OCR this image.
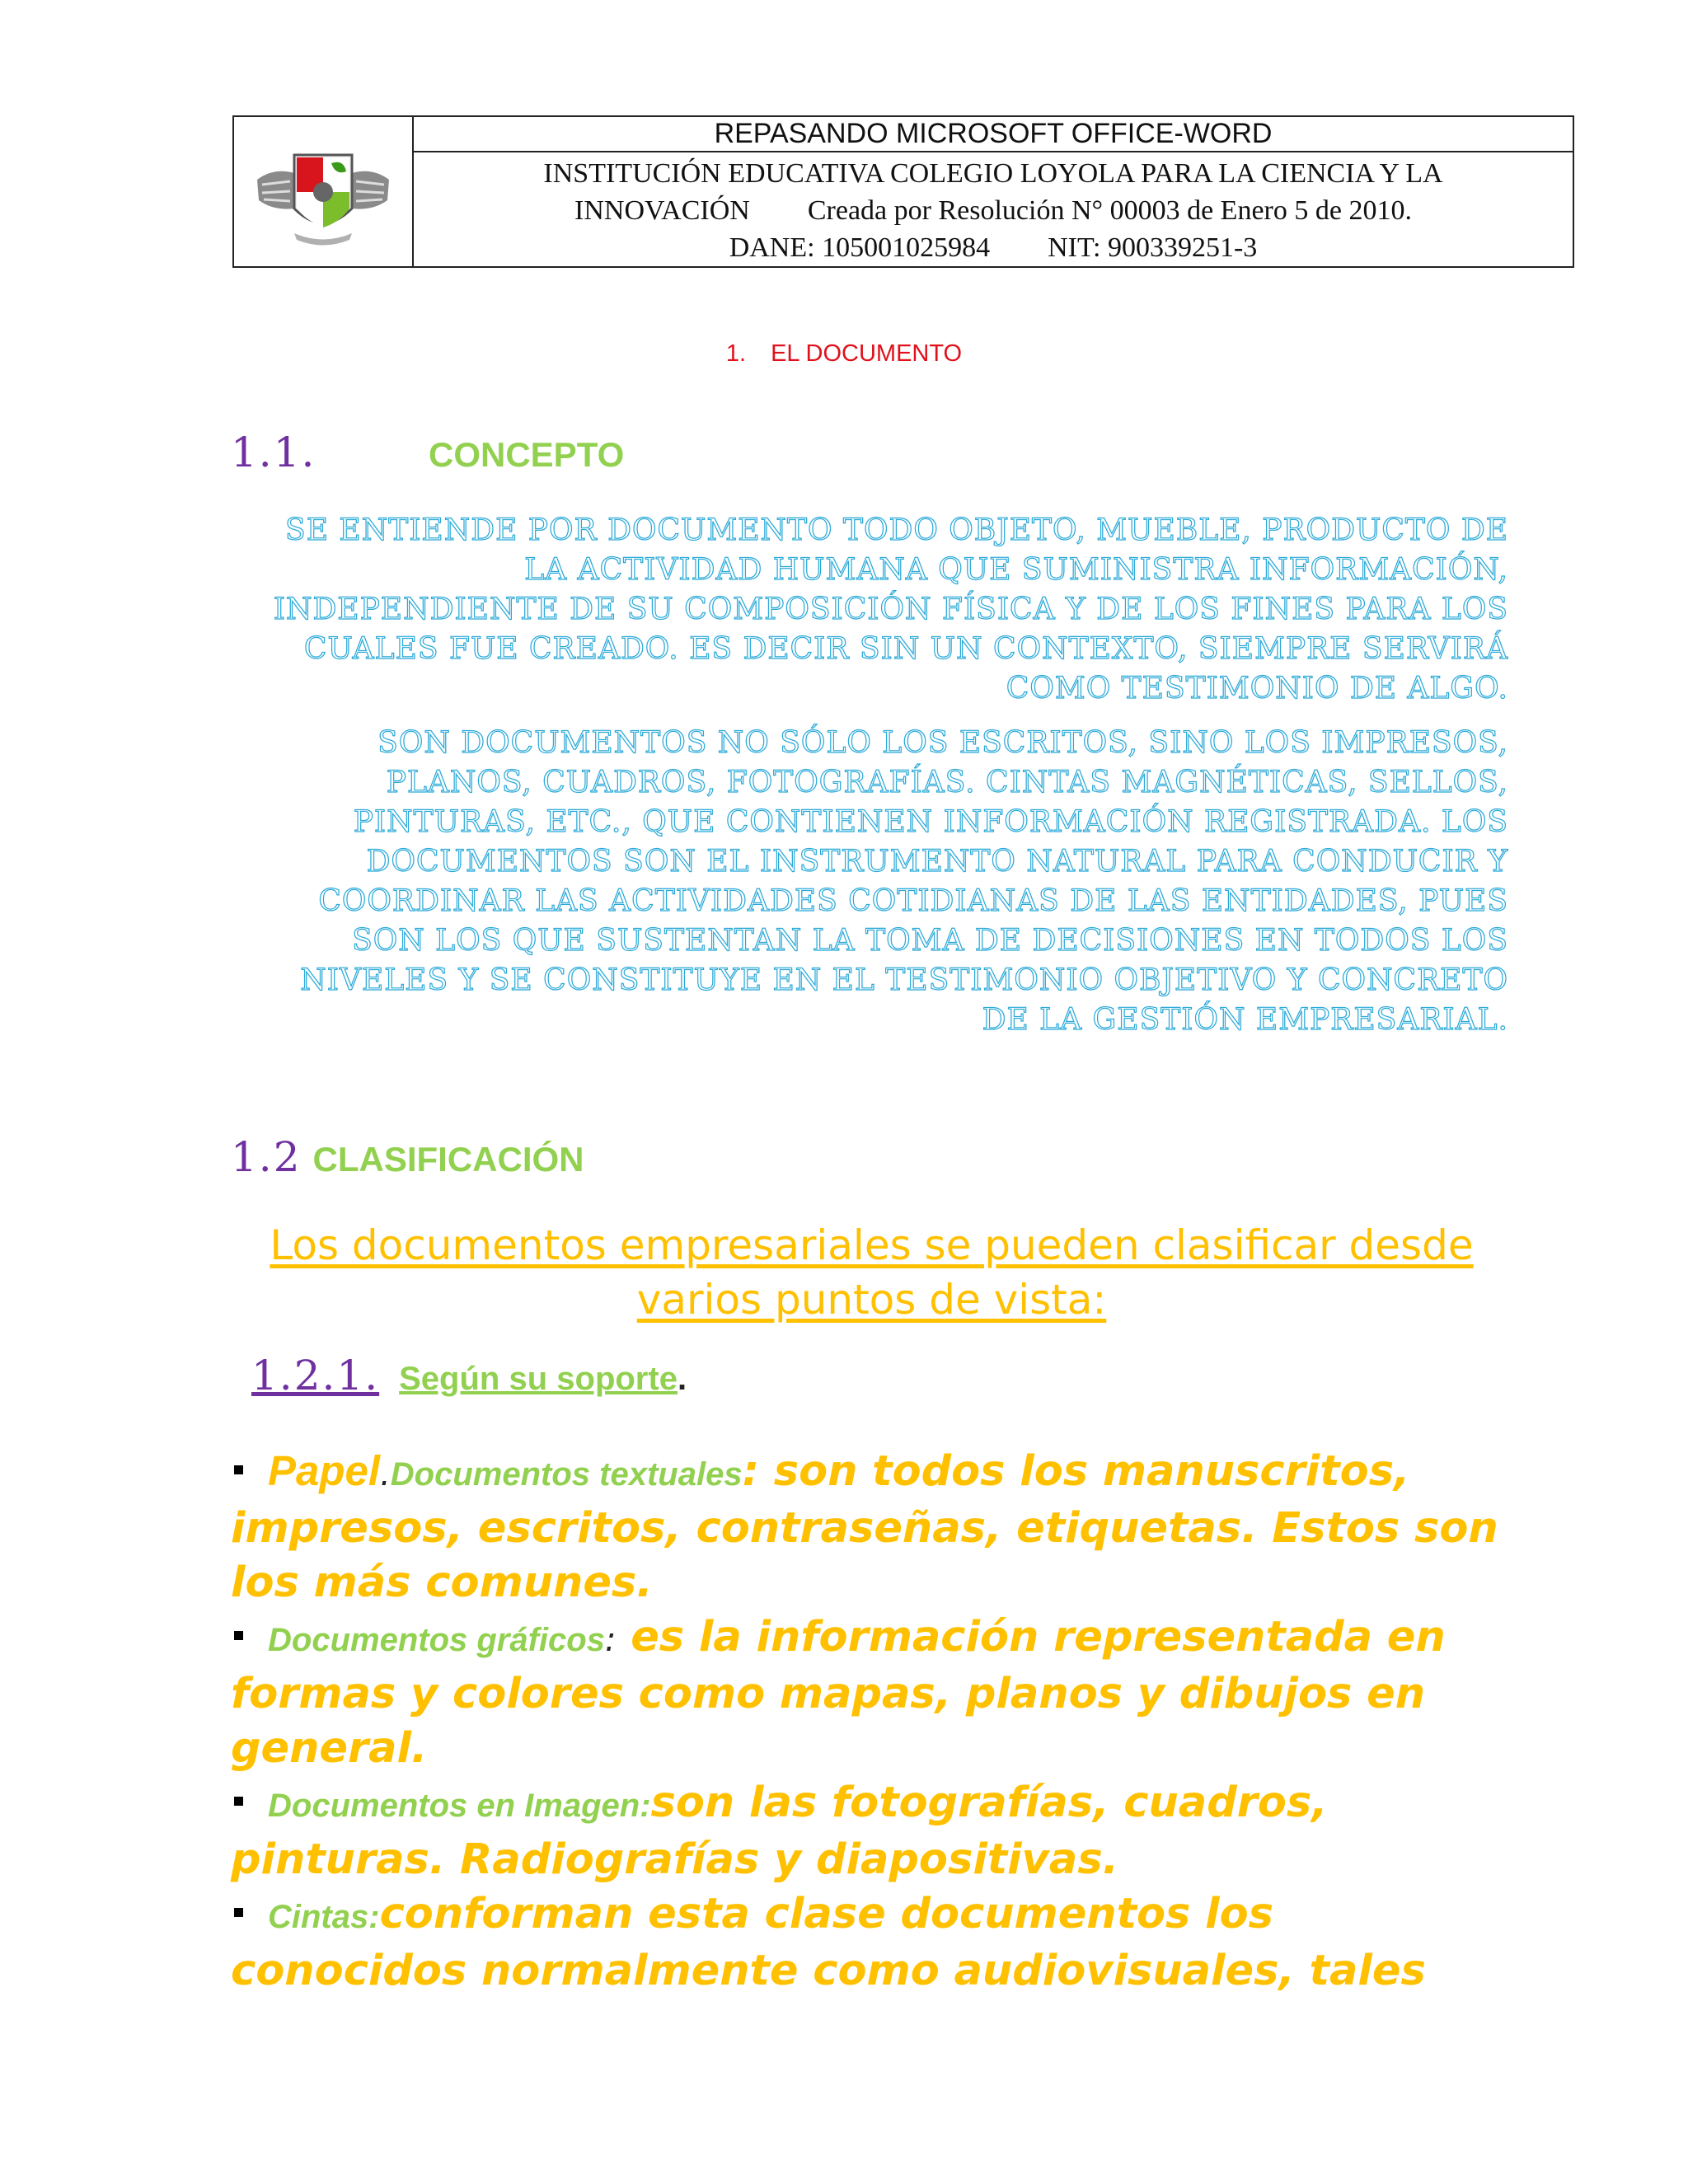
REPASANDO MICROSOFT OFFICE-WORD
INSTITUCIÓN EDUCATIVA COLEGIO LOYOLA PARA LA CIENCIA Y LA
INNOVACIÓN Creada por Resolución N° 00003 de Enero 5 de 2010.
DANE: 105001025984 NIT: 900339251-3
1. EL DOCUMENTO
1.1.	CONCEPTO

SE ENTIENDE POR DOCUMENTO TODO OBJETO, MUEBLE, PRODUCTO DE LA ACTIVIDAD HUMANA QUE SUMINISTRA INFORMACIÓN, INDEPENDIENTE DE SU COMPOSICIÓN FÍSICA Y DE LOS FINES PARA LOS CUALES FUE CREADO. ES DECIR SIN UN CONTEXTO, SIEMPRE SERVIRÁ COMO TESTIMONIO DE ALGO.

SON DOCUMENTOS NO SÓLO LOS ESCRITOS, SINO LOS IMPRESOS, PLANOS, CUADROS, FOTOGRAFÍAS. CINTAS MAGNÉTICAS, SELLOS, PINTURAS, ETC., QUE CONTIENEN INFORMACIÓN REGISTRADA. LOS DOCUMENTOS SON EL INSTRUMENTO NATURAL PARA CONDUCIR Y COORDINAR LAS ACTIVIDADES COTIDIANAS DE LAS ENTIDADES, PUES SON LOS QUE SUSTENTAN LA TOMA DE DECISIONES EN TODOS LOS NIVELES Y SE CONSTITUYE EN EL TESTIMONIO OBJETIVO Y CONCRETO DE LA GESTIÓN EMPRESARIAL.

1.2 CLASIFICACIÓN
Los documentos empresariales se pueden clasificar desde varios puntos de vista:
1.2.1. Según su soporte .

Papel.Documentos textuales: son todos los manuscritos, impresos, escritos, contraseñas, etiquetas. Estos son los más comunes.

Documentos gráficos: es la información representada en formas y colores como mapas, planos y dibujos en general.

Documentos en Imagen:son las fotografías, cuadros, pinturas. Radiografías y diapositivas.

Cintas:conforman esta clase documentos los conocidos normalmente como audiovisuales, tales
